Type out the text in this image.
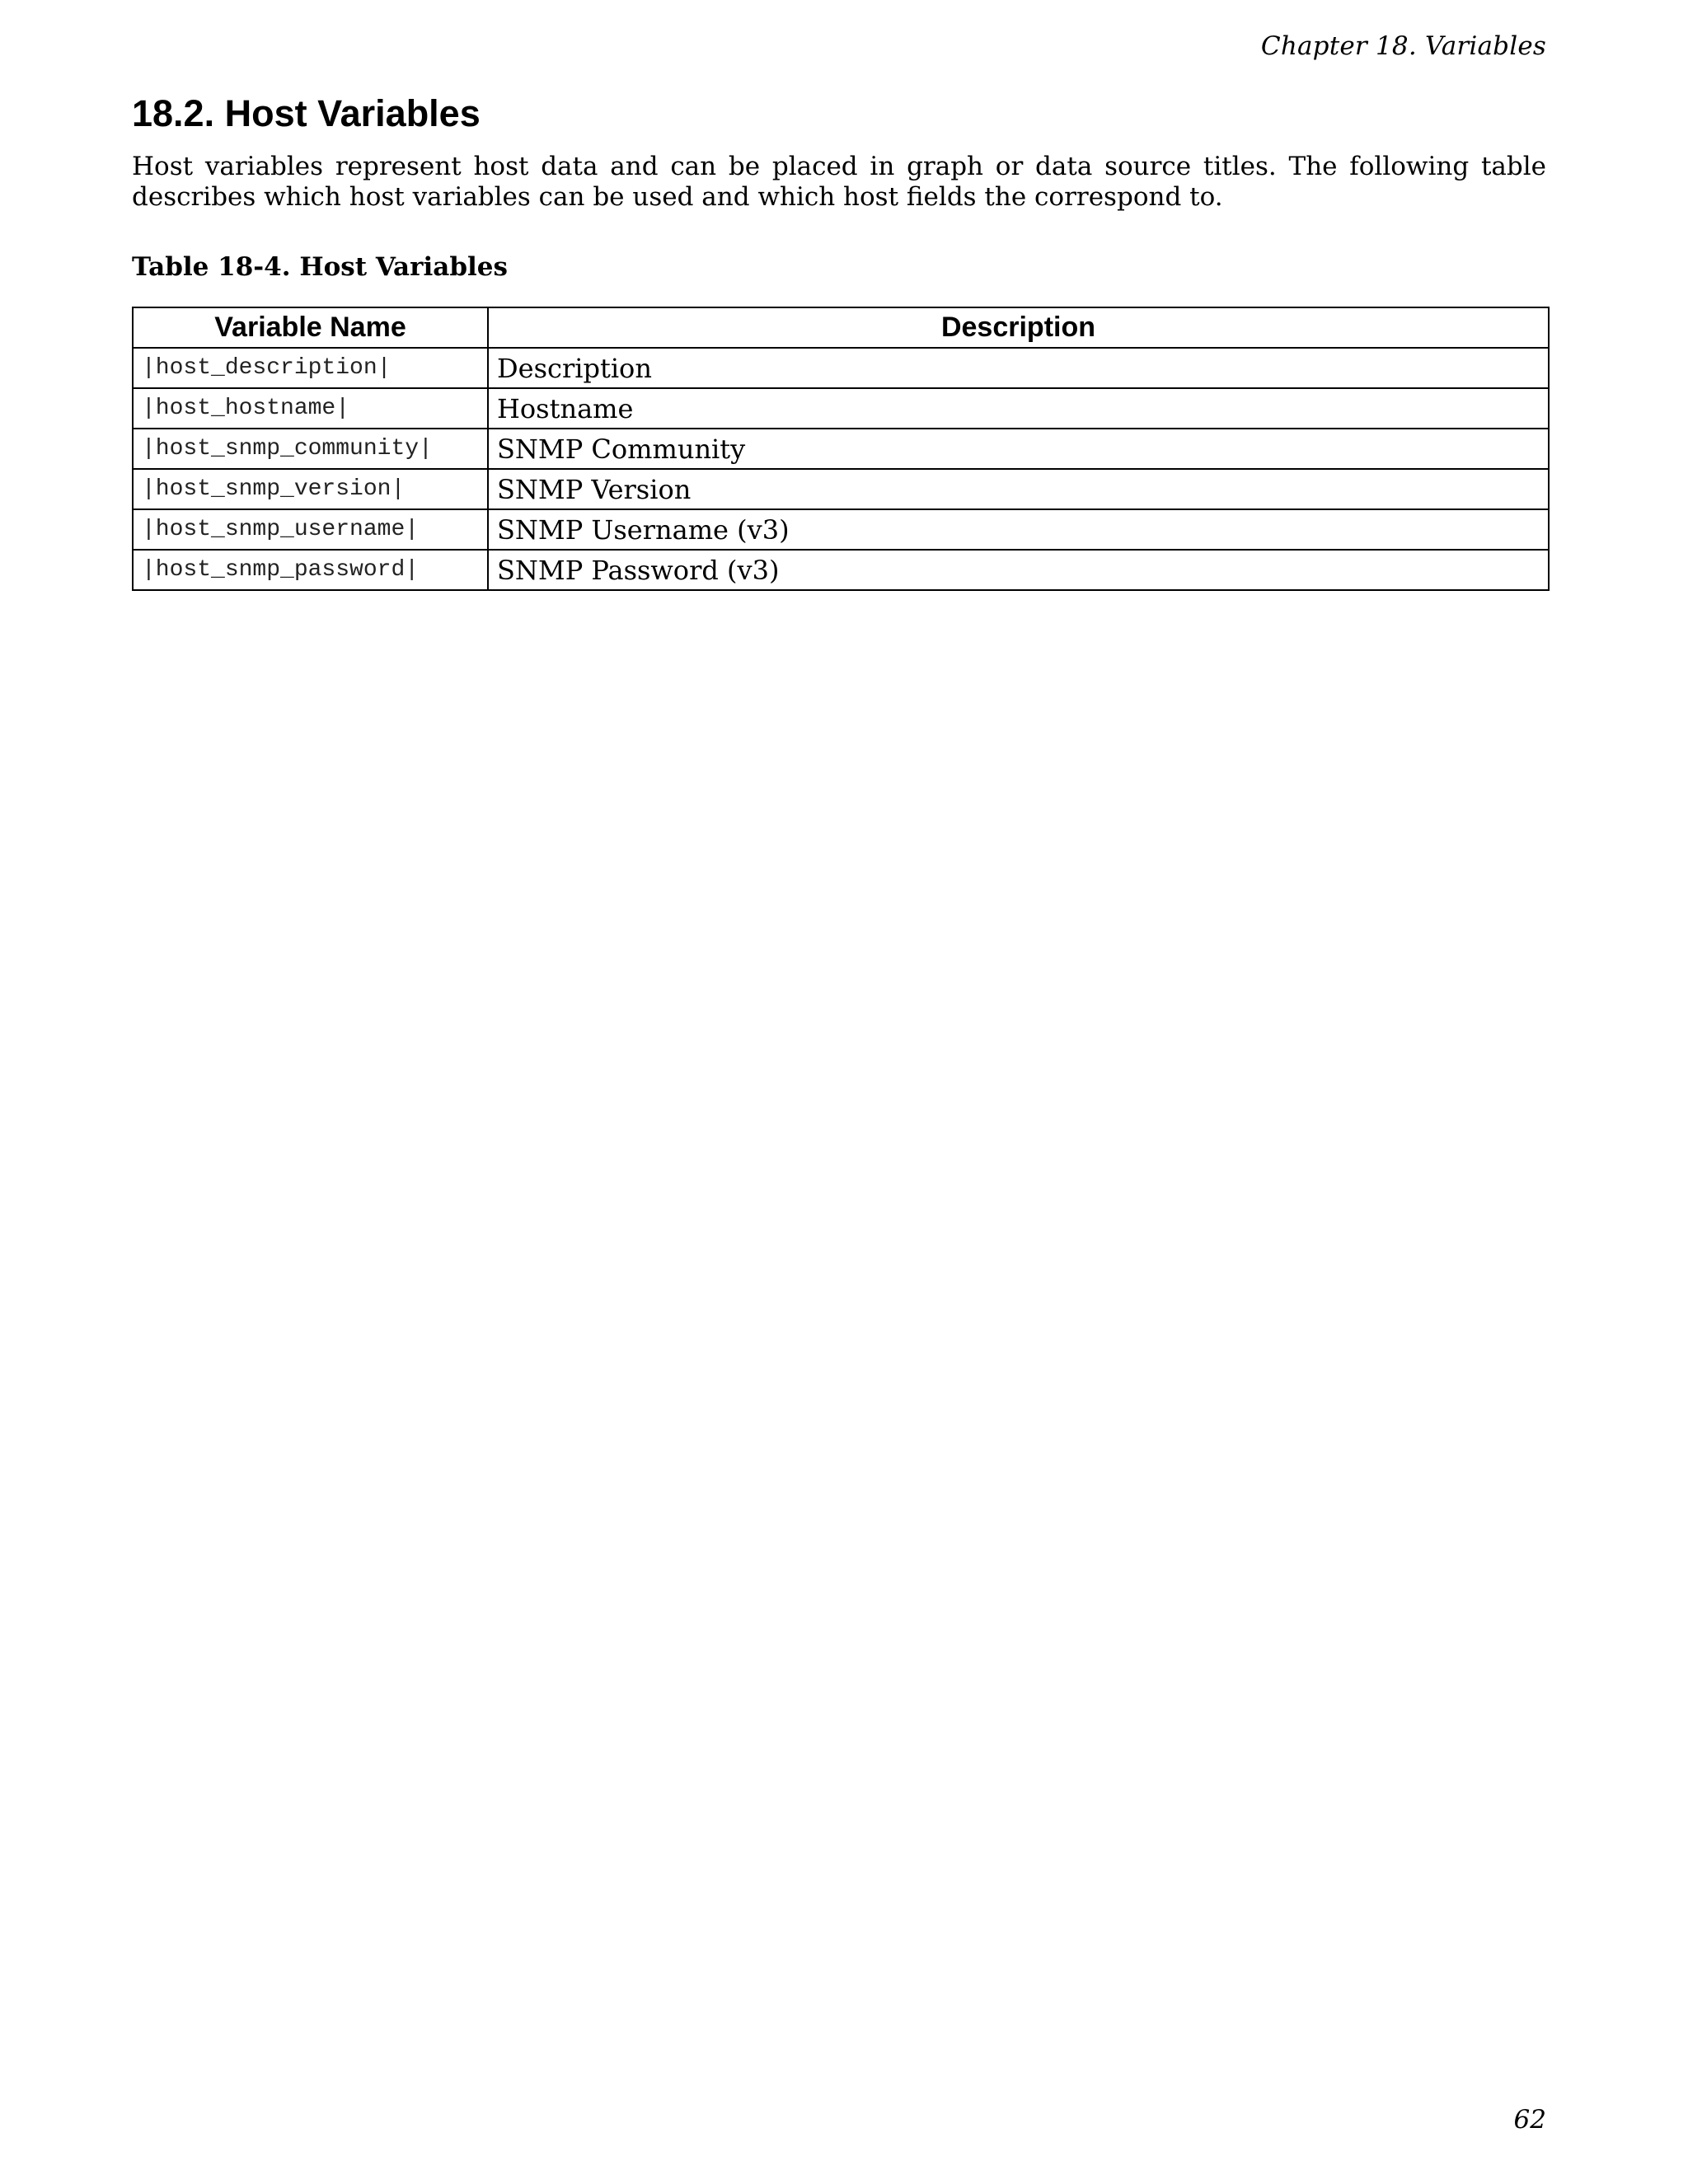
Chapter 18. Variables
18.2. Host Variables

Host variables represent host data and can be placed in graph or data source titles. The following table describes which host variables can be used and which host fields the correspond to.

Table 18-4. Host Variables

Variable Name	Description
|host_description|	Description
|host_hostname|	Hostname
|host_snmp_community|	SNMP Community
|host_snmp_version|	SNMP Version
|host_snmp_username|	SNMP Username (v3)
|host_snmp_password|	SNMP Password (v3)
62
